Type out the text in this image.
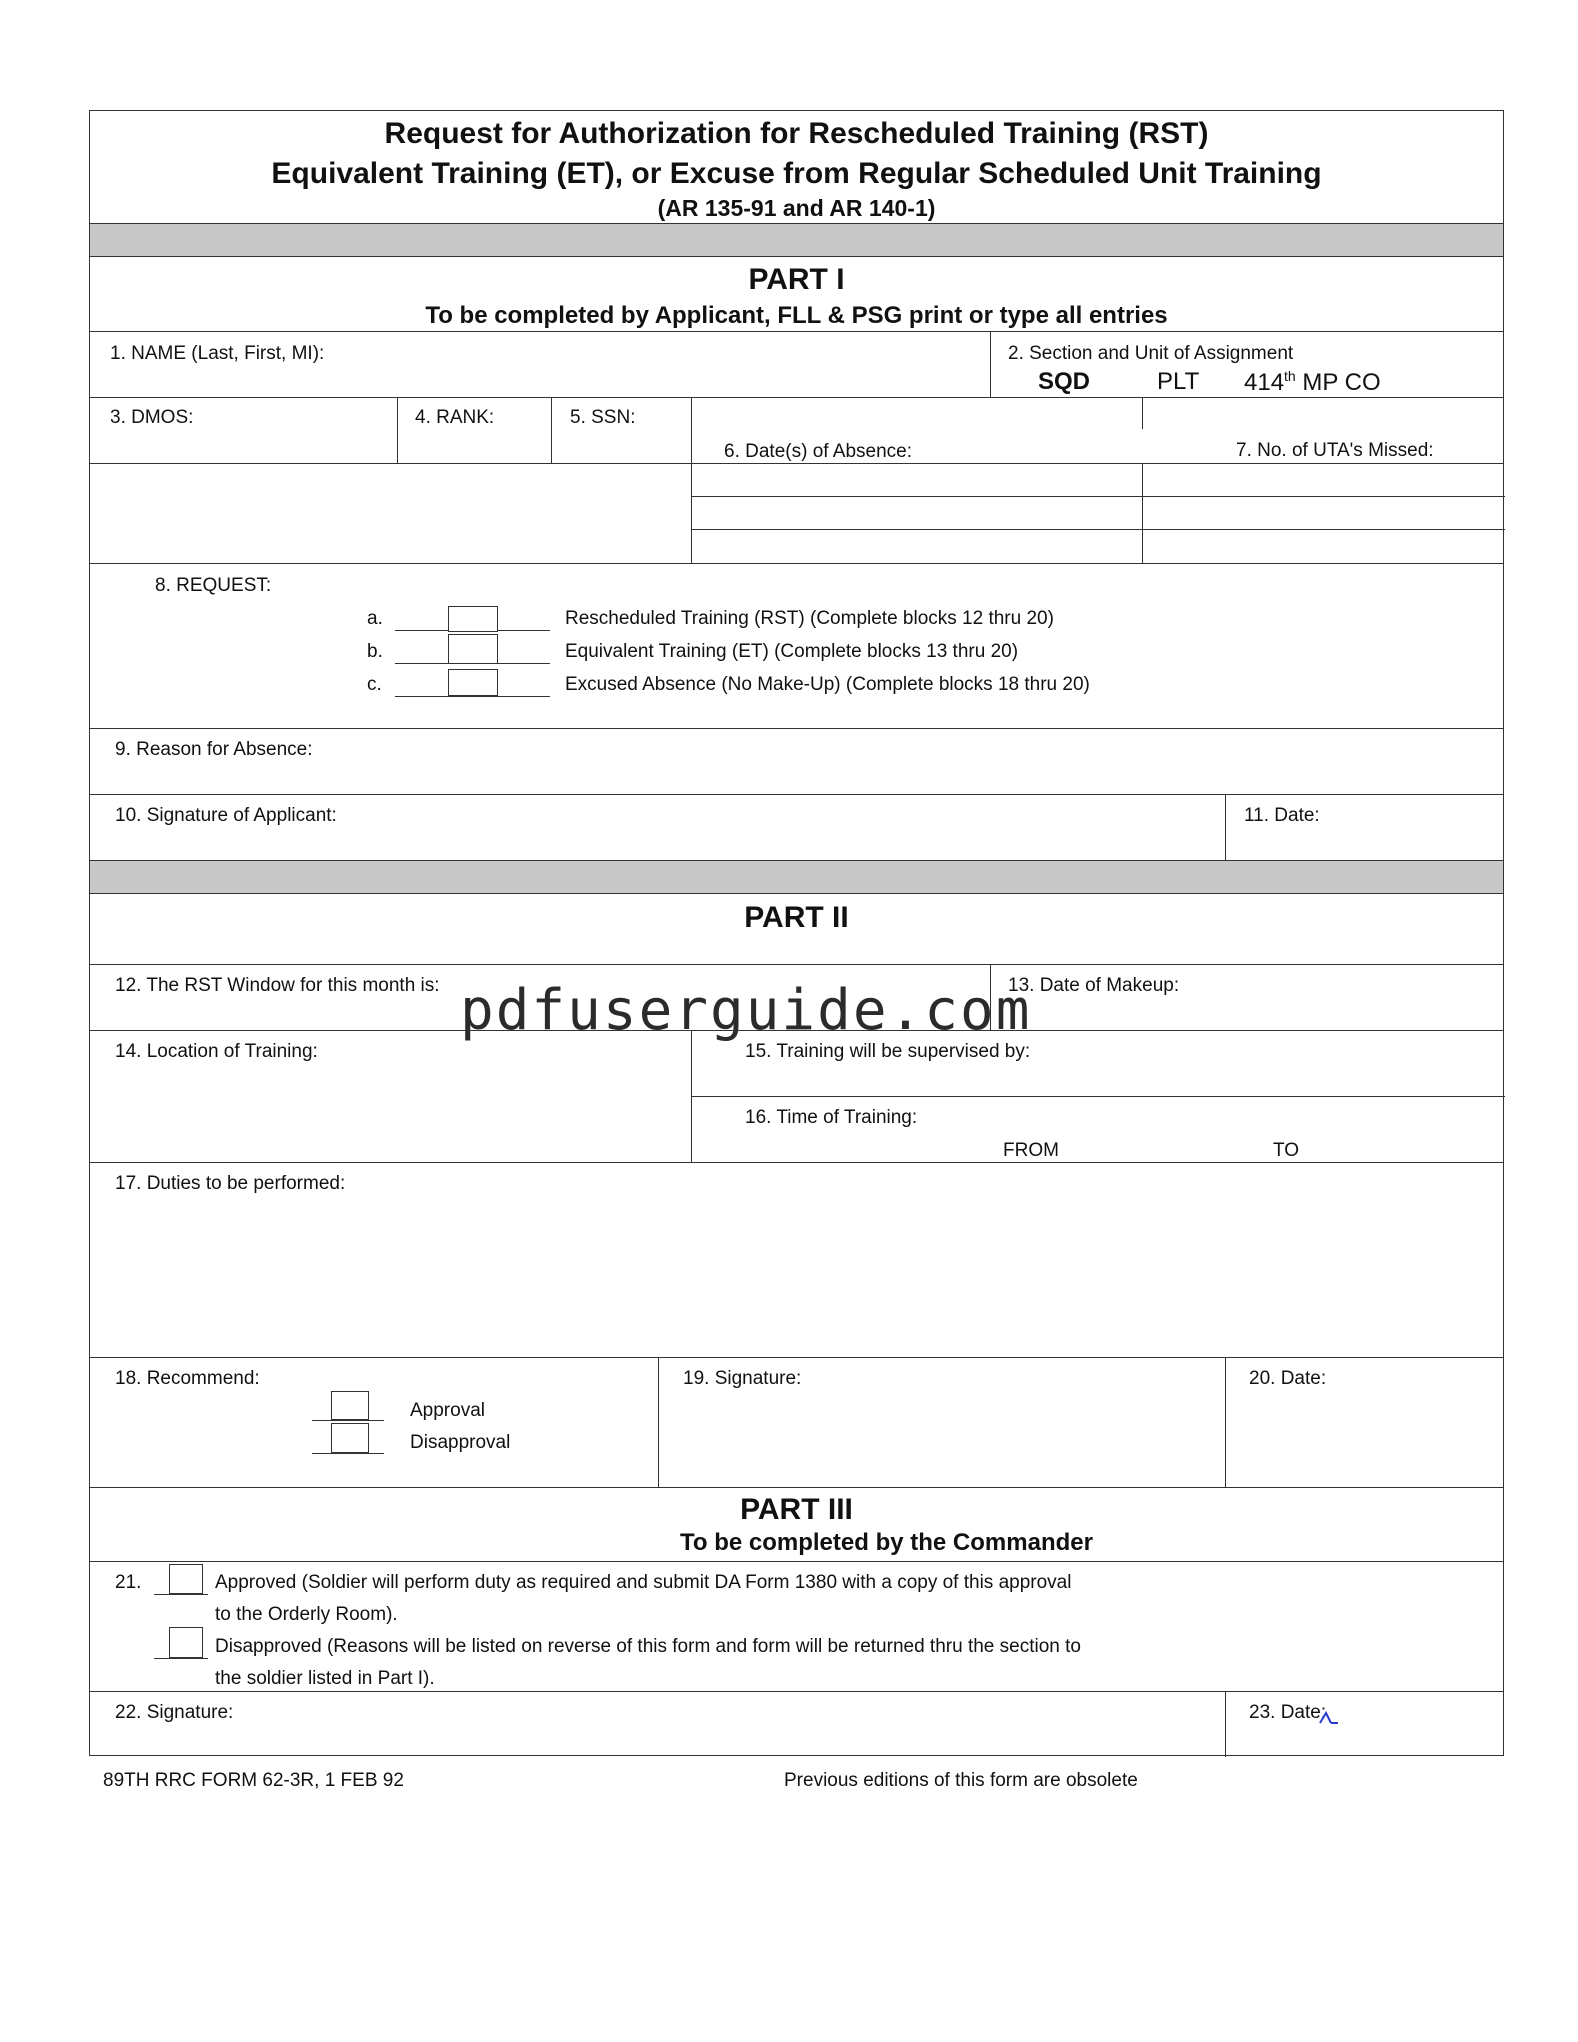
Request for Authorization for Rescheduled Training (RST)
Equivalent Training (ET), or Excuse from Regular Scheduled Unit Training
(AR 135-91 and AR 140-1)
PART I
To be completed by Applicant, FLL & PSG print or type all entries
1. NAME (Last, First, MI):	2. Section and Unit of Assignment
SQD	PLT 414th MP CO
3. DMOS:	4. RANK:	5. SSN:
6. Date(s) of Absence:	7. No. of UTA's Missed:
8. REQUEST:
a.	Rescheduled Training (RST) (Complete blocks 12 thru 20)
b.	Equivalent Training (ET) (Complete blocks 13 thru 20)
c.	Excused Absence (No Make-Up) (Complete blocks 18 thru 20)
9. Reason for Absence:
10. Signature of Applicant:	11. Date:
PART II
12. The RST Window for this month is:	13. Date of Makeup:
14. Location of Training:	15. Training will be supervised by:
16. Time of Training:
FROM	TO
17. Duties to be performed:
18. Recommend:
Approval
Disapproval
19. Signature:	20. Date:
PART III
To be completed by the Commander
21.	Approved (Soldier will perform duty as required and submit DA Form 1380 with a copy of this approval
to the Orderly Room).
Disapproved (Reasons will be listed on reverse of this form and form will be returned thru the section to
the soldier listed in Part I).
22. Signature:	23. Date:
pdfuserguide.com
89TH RRC FORM 62-3R, 1 FEB 92	Previous editions of this form are obsolete
